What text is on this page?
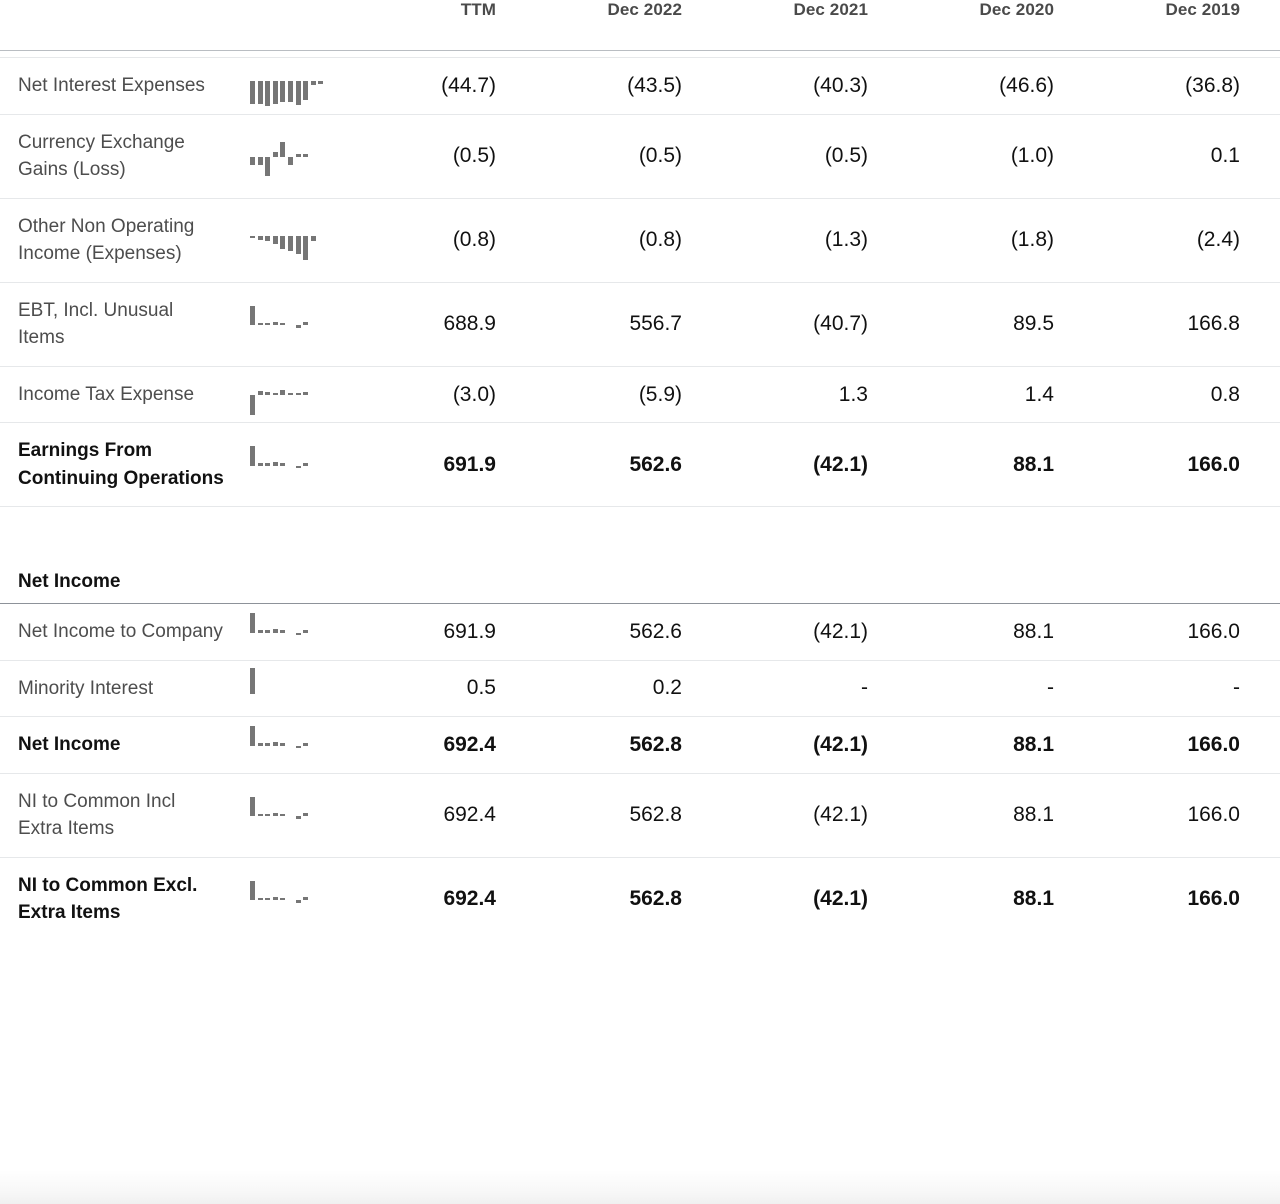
		TTM	Dec 2022	Dec 2021	Dec 2020	Dec 2019

Net Interest Expenses		(44.7)	(43.5)	(40.3)	(46.6)	(36.8)
Currency Exchange Gains (Loss)		(0.5)	(0.5)	(0.5)	(1.0)	0.1
Other Non Operating Income (Expenses)		(0.8)	(0.8)	(1.3)	(1.8)	(2.4)
EBT, Incl. Unusual Items		688.9	556.7	(40.7)	89.5	166.8
Income Tax Expense		(3.0)	(5.9)	1.3	1.4	0.8
Earnings From Continuing Operations		691.9	562.6	(42.1)	88.1	166.0

Net Income						
Net Income to Company		691.9	562.6	(42.1)	88.1	166.0
Minority Interest		0.5	0.2	-	-	-
Net Income		692.4	562.8	(42.1)	88.1	166.0
NI to Common Incl Extra Items		692.4	562.8	(42.1)	88.1	166.0
NI to Common Excl. Extra Items		692.4	562.8	(42.1)	88.1	166.0
